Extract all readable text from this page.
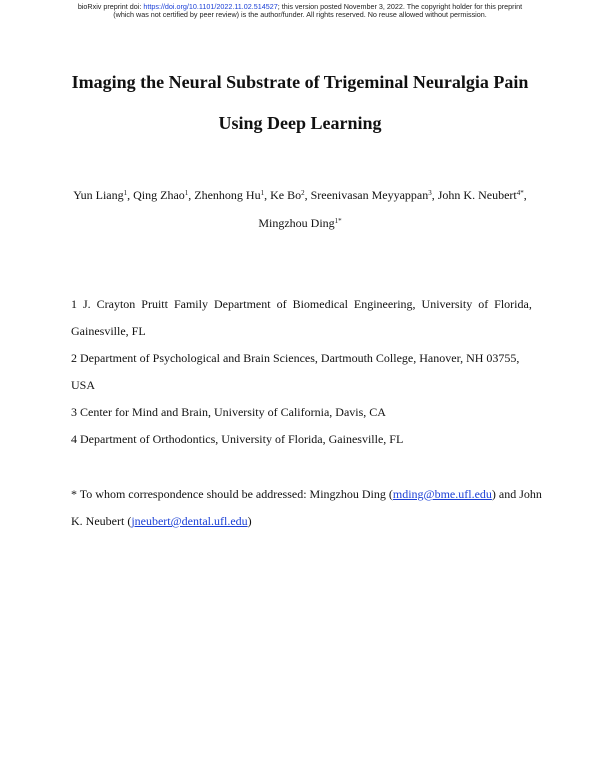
bioRxiv preprint doi: https://doi.org/10.1101/2022.11.02.514527; this version posted November 3, 2022. The copyright holder for this preprint
(which was not certified by peer review) is the author/funder. All rights reserved. No reuse allowed without permission.
Imaging the Neural Substrate of Trigeminal Neuralgia Pain
Using Deep Learning
Yun Liang$^1$, Qing Zhao$^1$, Zhenhong Hu$^1$, Ke Bo$^2$, Sreenivasan Meyyappan$^3$, John K. Neubert$^{4*}$,
Mingzhou Ding$^{1*}$
1 J. Crayton Pruitt Family Department of Biomedical Engineering, University of Florida,
Gainesville, FL
2 Department of Psychological and Brain Sciences, Dartmouth College, Hanover, NH 03755,
USA
3 Center for Mind and Brain, University of California, Davis, CA
4 Department of Orthodontics, University of Florida, Gainesville, FL
* To whom correspondence should be addressed: Mingzhou Ding (mding@bme.ufl.edu) and John
K. Neubert (jneubert@dental.ufl.edu)
